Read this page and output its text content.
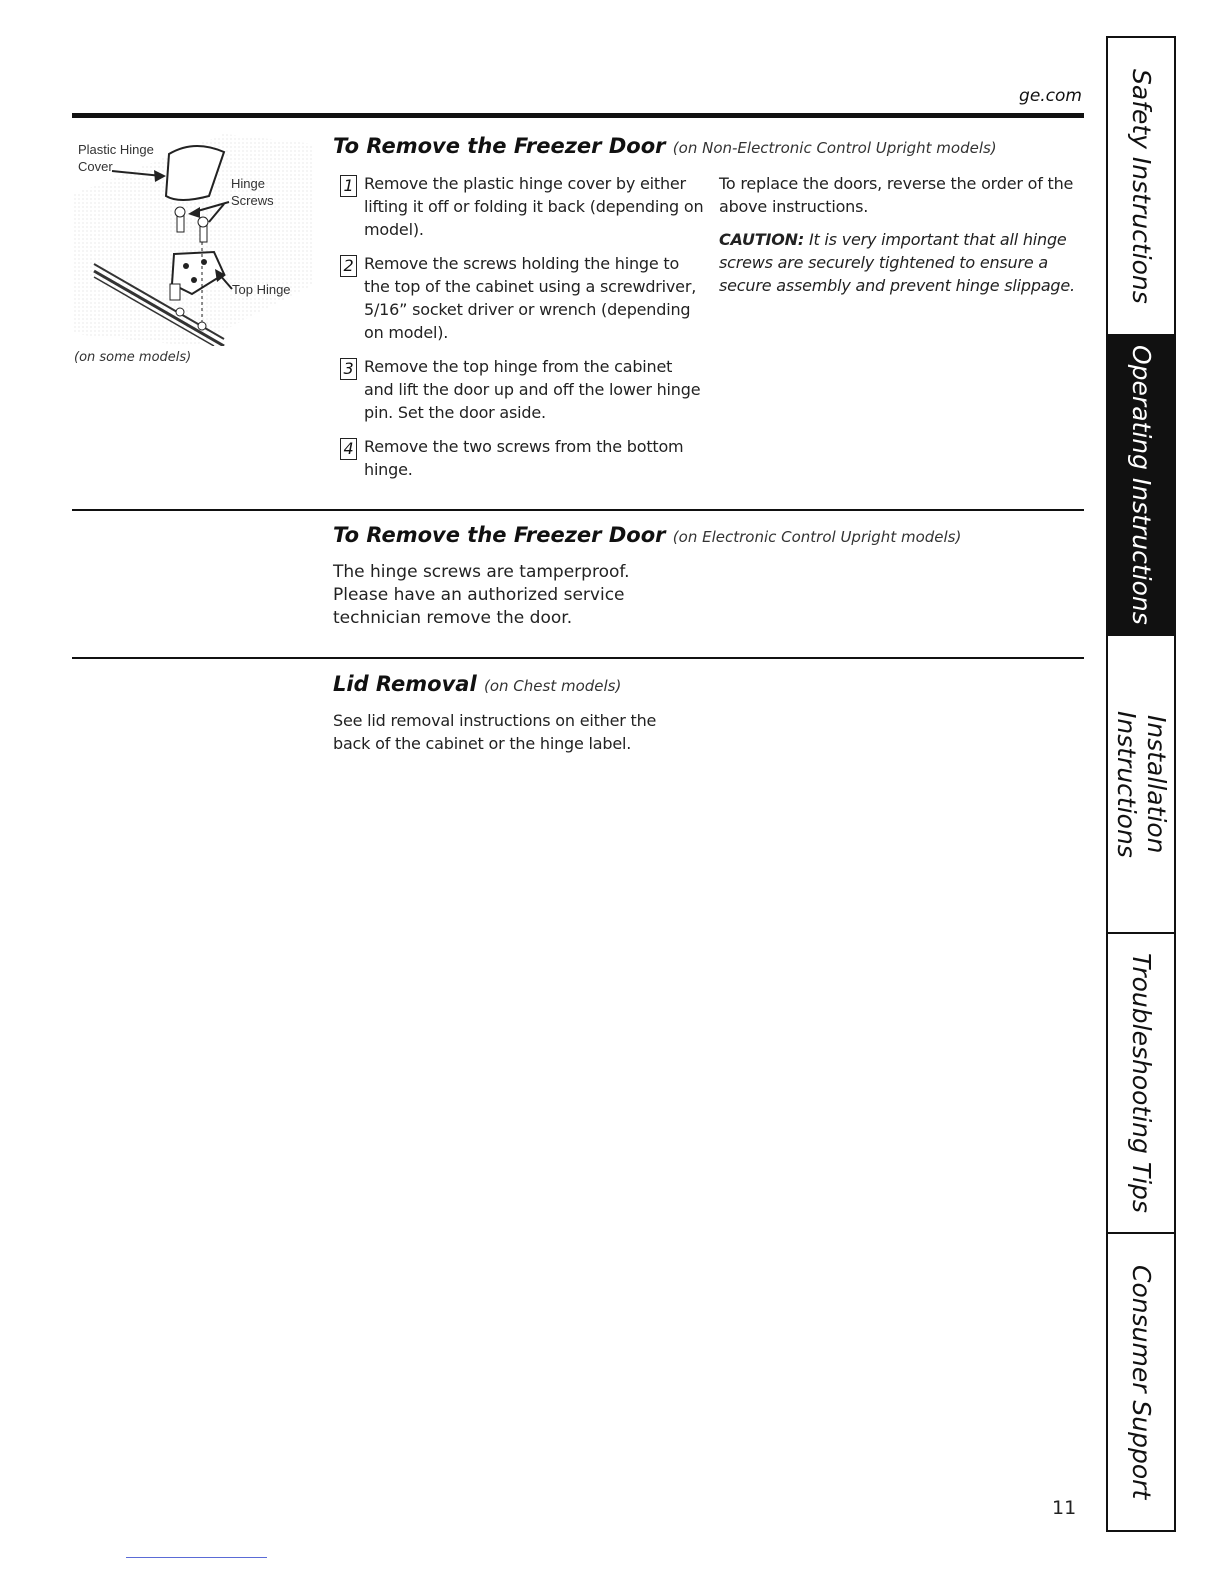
ge.com
Plastic Hinge
Cover
Hinge
Screws
Top Hinge
(on some models)
To Remove the Freezer Door (on Non-Electronic Control Upright models)
1 Remove the plastic hinge cover by either lifting it off or folding it back (depending on model).
2 Remove the screws holding the hinge to the top of the cabinet using a screwdriver, 5/16” socket driver or wrench (depending on model).
3 Remove the top hinge from the cabinet and lift the door up and off the lower hinge pin. Set the door aside.
4 Remove the two screws from the bottom hinge.

To replace the doors, reverse the order of the above instructions.

CAUTION: It is very important that all hinge screws are securely tightened to ensure a secure assembly and prevent hinge slippage.

To Remove the Freezer Door (on Electronic Control Upright models)
The hinge screws are tamperproof. Please have an authorized service technician remove the door.
Lid Removal (on Chest models)
See lid removal instructions on either the back of the cabinet or the hinge label.
Safety Instructions
Operating Instructions
Installation
Instructions
Troubleshooting Tips
Consumer Support
11
